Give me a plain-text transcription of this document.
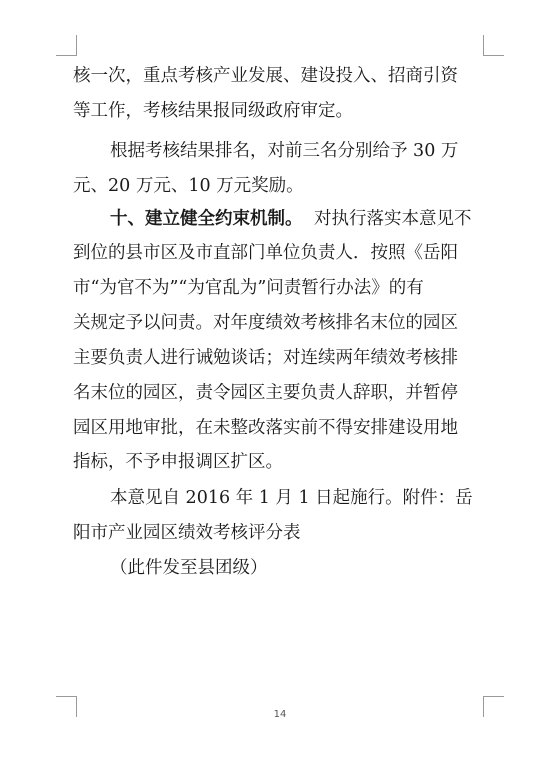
核一次，重点考核产业发展、建设投入、招商引资
等工作，考核结果报同级政府审定。
根据考核结果排名，对前三名分别给予 30 万
元、20 万元、10 万元奖励。
十、建立健全约束机制。 对执行落实本意见不
到位的县市区及市直部门单位负责人．按照《岳阳
市“为官不为”“为官乱为”问责暂行办法》的有
关规定予以问责。对年度绩效考核排名末位的园区
主要负责人进行诫勉谈话；对连续两年绩效考核排
名末位的园区，责令园区主要负责人辞职，并暂停
园区用地审批，在未整改落实前不得安排建设用地
指标，不予申报调区扩区。
本意见自 2016 年 1 月 1 日起施行。附件：岳
阳市产业园区绩效考核评分表
（此件发至县团级）
14
